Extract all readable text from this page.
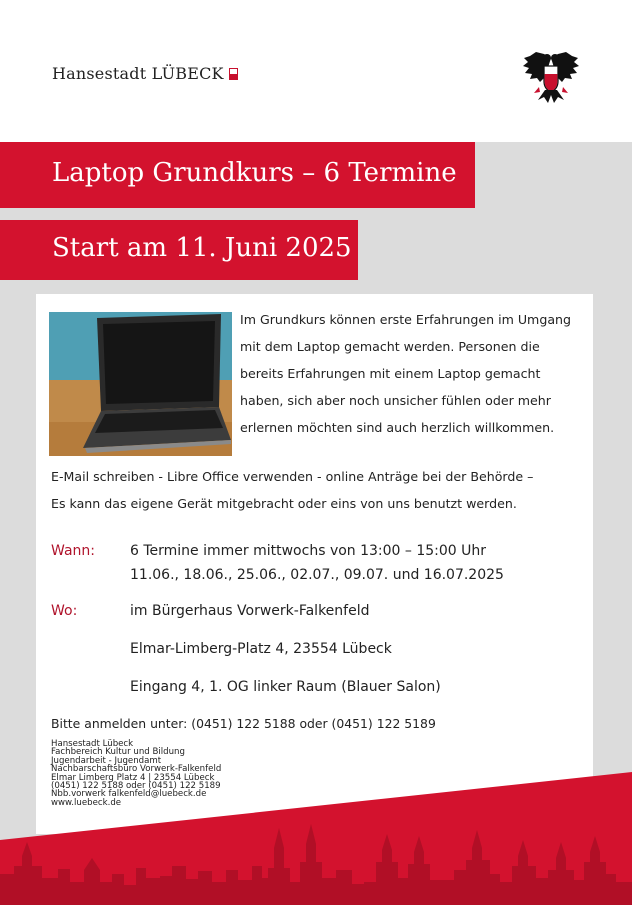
Hansestadt LÜBECK
Laptop Grundkurs – 6 Termine
Start am 11. Juni 2025
Im Grundkurs können erste Erfahrungen im Umgang
mit dem Laptop gemacht werden. Personen die
bereits Erfahrungen mit einem Laptop gemacht
haben, sich aber noch unsicher fühlen oder mehr
erlernen möchten sind auch herzlich willkommen.
E-Mail schreiben - Libre Office verwenden - online Anträge bei der Behörde –
Es kann das eigene Gerät mitgebracht oder eins von uns benutzt werden.
Wann:	6 Termine immer mittwochs von 13:00 – 15:00 Uhr
11.06., 18.06., 25.06., 02.07., 09.07. und 16.07.2025
Wo:	im Bürgerhaus Vorwerk-Falkenfeld
Elmar-Limberg-Platz 4, 23554 Lübeck
Eingang 4, 1. OG linker Raum (Blauer Salon)
Bitte anmelden unter: (0451) 122 5188 oder (0451) 122 5189
Hansestadt Lübeck
Fachbereich Kultur und Bildung
Jugendarbeit - Jugendamt
Nachbarschaftsbüro Vorwerk-Falkenfeld
Elmar Limberg Platz 4 | 23554 Lübeck
(0451) 122 5188 oder (0451) 122 5189
Nbb.vorwerk falkenfeld@luebeck.de
www.luebeck.de
